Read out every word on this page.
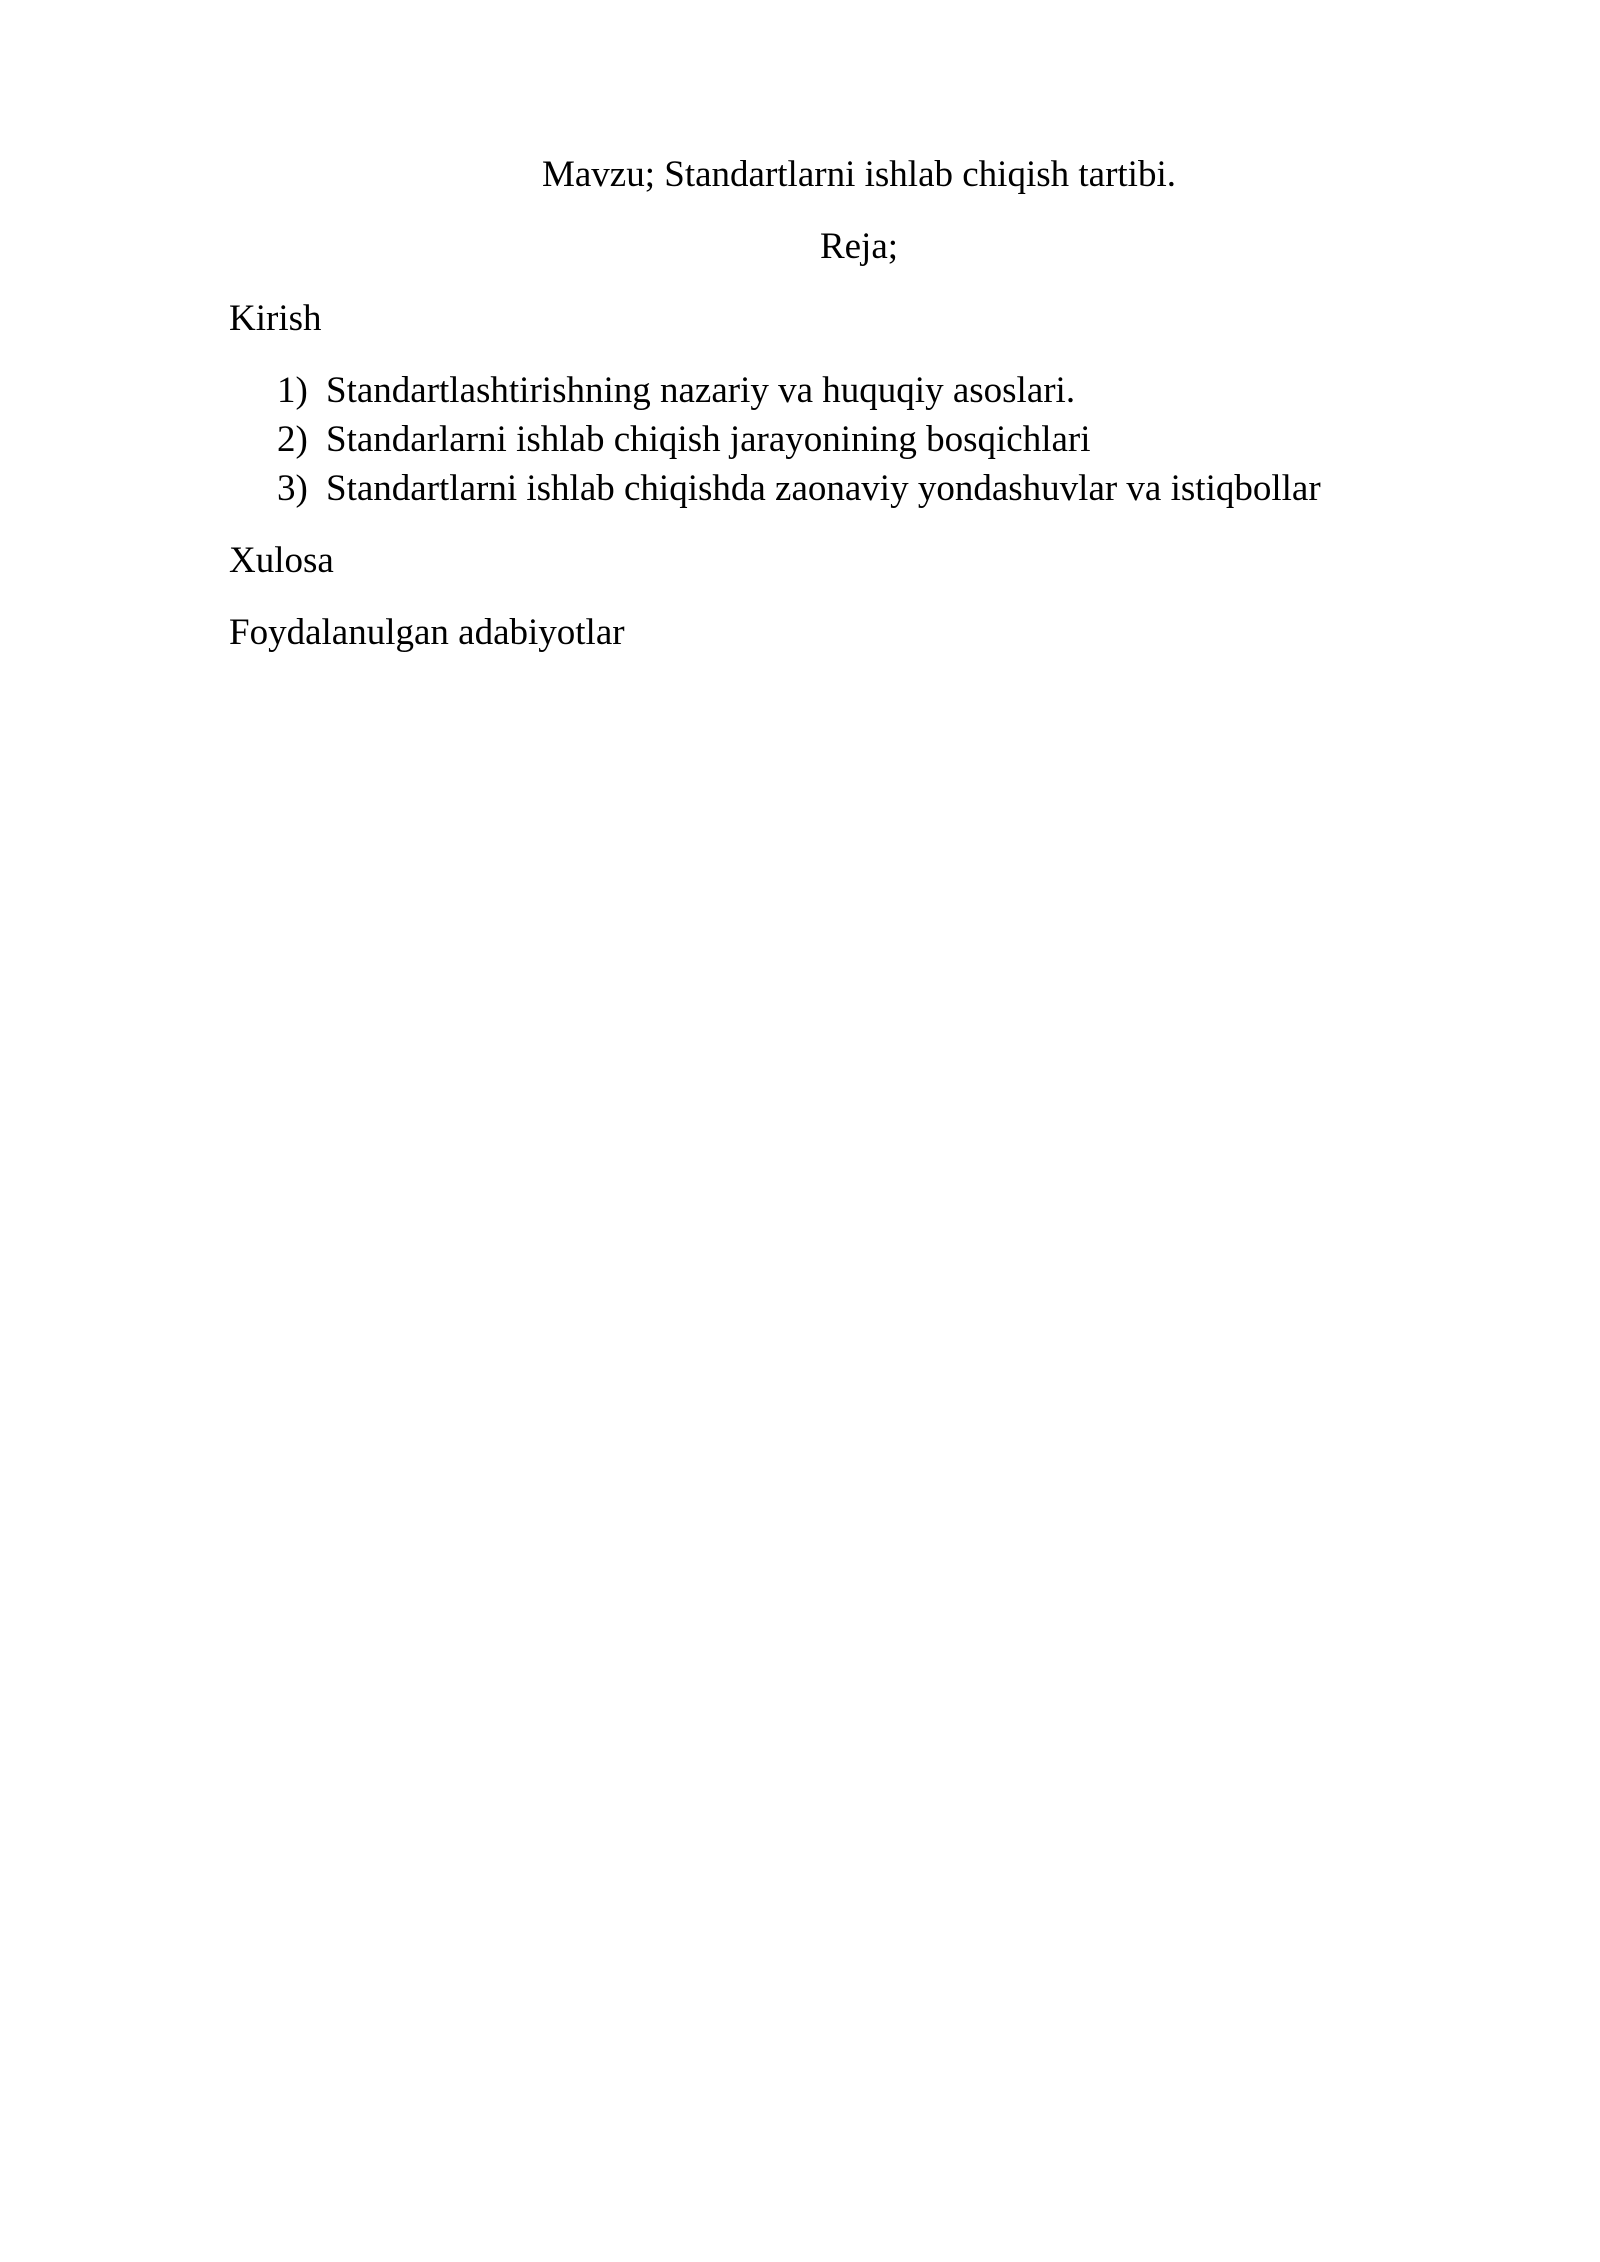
Mavzu; Standartlarni ishlab chiqish tartibi.
Reja;
Kirish
1) Standartlashtirishning nazariy va huquqiy asoslari.
2) Standarlarni ishlab chiqish jarayonining bosqichlari
3) Standartlarni ishlab chiqishda zaonaviy yondashuvlar va istiqbollar
Xulosa
Foydalanulgan adabiyotlar
